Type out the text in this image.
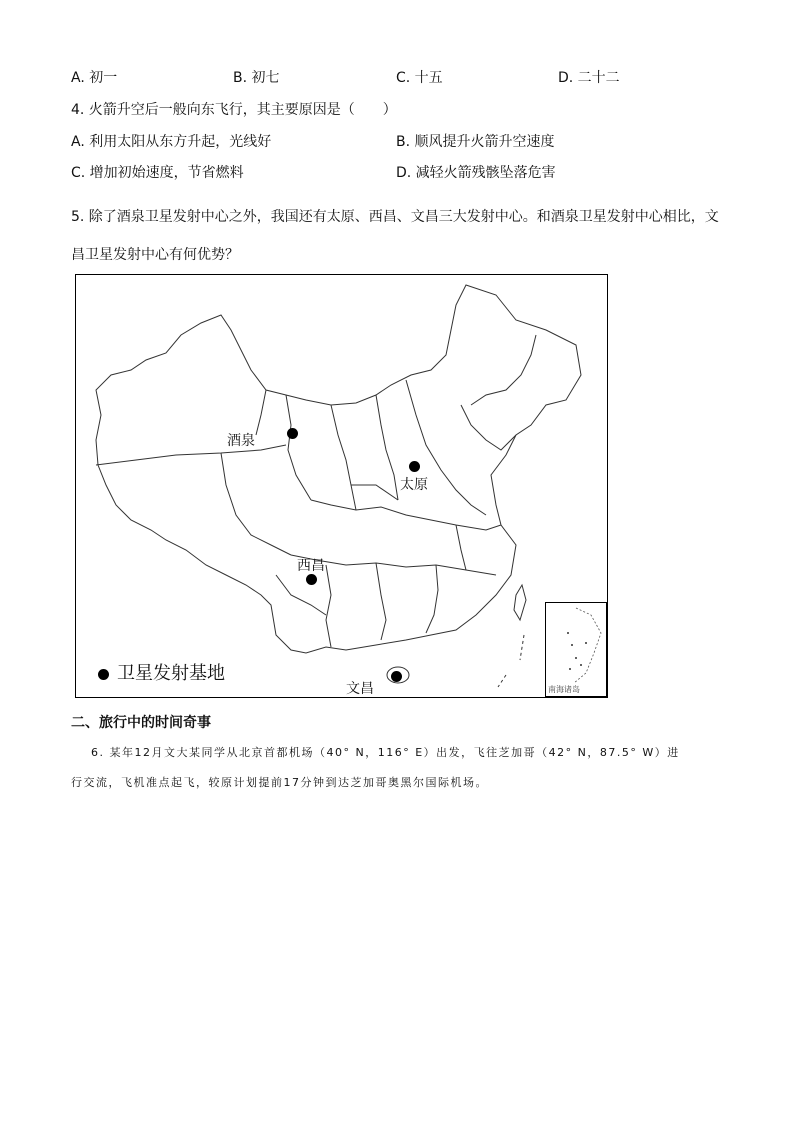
A. 初一	B. 初七	C. 十五	D. 二十二
4. 火箭升空后一般向东飞行，其主要原因是（　　）
A. 利用太阳从东方升起，光线好	B. 顺风提升火箭升空速度
C. 增加初始速度，节省燃料	D. 减轻火箭残骸坠落危害
5. 除了酒泉卫星发射中心之外，我国还有太原、西昌、文昌三大发射中心。和酒泉卫星发射中心相比，文
昌卫星发射中心有何优势？
酒泉
太原
西昌
文昌
卫星发射基地
南海诸岛
二、旅行中的时间奇事
6. 某年12月文大某同学从北京首都机场（40° N，116° E）出发，飞往芝加哥（42° N，87.5° W）进
行交流，飞机准点起飞，较原计划提前17分钟到达芝加哥奥黑尔国际机场。
